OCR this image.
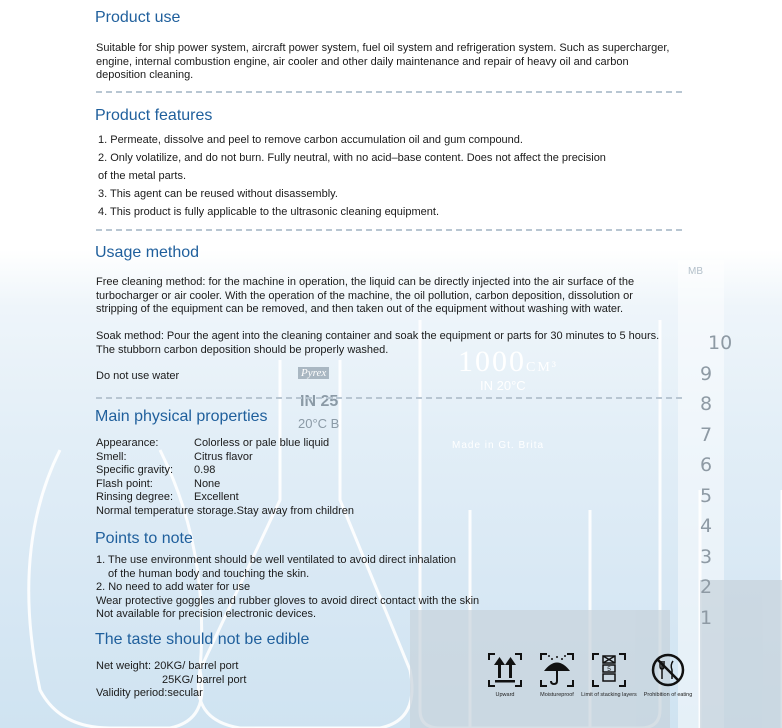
1000CM³
IN 20°C
Made in Gt. Brita
Pyrex
IN 25
20°C B
MB
10
9
8
7
6
5
4
3
2
1
Product use

Suitable for ship power system, aircraft power system, fuel oil system and refrigeration system. Such as supercharger, engine, internal combustion engine, air cooler and other daily maintenance and repair of heavy oil and carbon deposition cleaning.

Product features
1. Permeate, dissolve and peel to remove carbon accumulation oil and gum compound.
2. Only volatilize, and do not burn. Fully neutral, with no acid–base content. Does not affect the precision
of the metal parts.
3. This agent can be reused without disassembly.
4. This product is fully applicable to the ultrasonic cleaning equipment.
Usage method

Free cleaning method: for the machine in operation, the liquid can be directly injected into the air surface of the turbocharger or air cooler. With the operation of the machine, the oil pollution, carbon deposition, dissolution or stripping of the equipment can be removed, and then taken out of the equipment without washing with water.

Soak method: Pour the agent into the cleaning container and soak the equipment or parts for 30 minutes to 5 hours. The stubborn carbon deposition should be properly washed.

Do not use water

Main physical properties
Appearance:	Colorless or pale blue liquid
Smell:	Citrus flavor
Specific gravity:	0.98
Flash point:	None
Rinsing degree:	Excellent
Normal temperature storage.Stay away from children
Points to note
1. The use environment should be well ventilated to avoid direct inhalation
of the human body and touching the skin.
2. No need to add water for use
Wear protective goggles and rubber gloves to avoid direct contact with the skin
Not available for precision electronic devices.
The taste should not be edible
Net weight: 20KG/ barrel port
25KG/ barrel port
Validity period:secular	Upward	Moistureproof
5
Limit of stacking layers	Prohibition of eating
